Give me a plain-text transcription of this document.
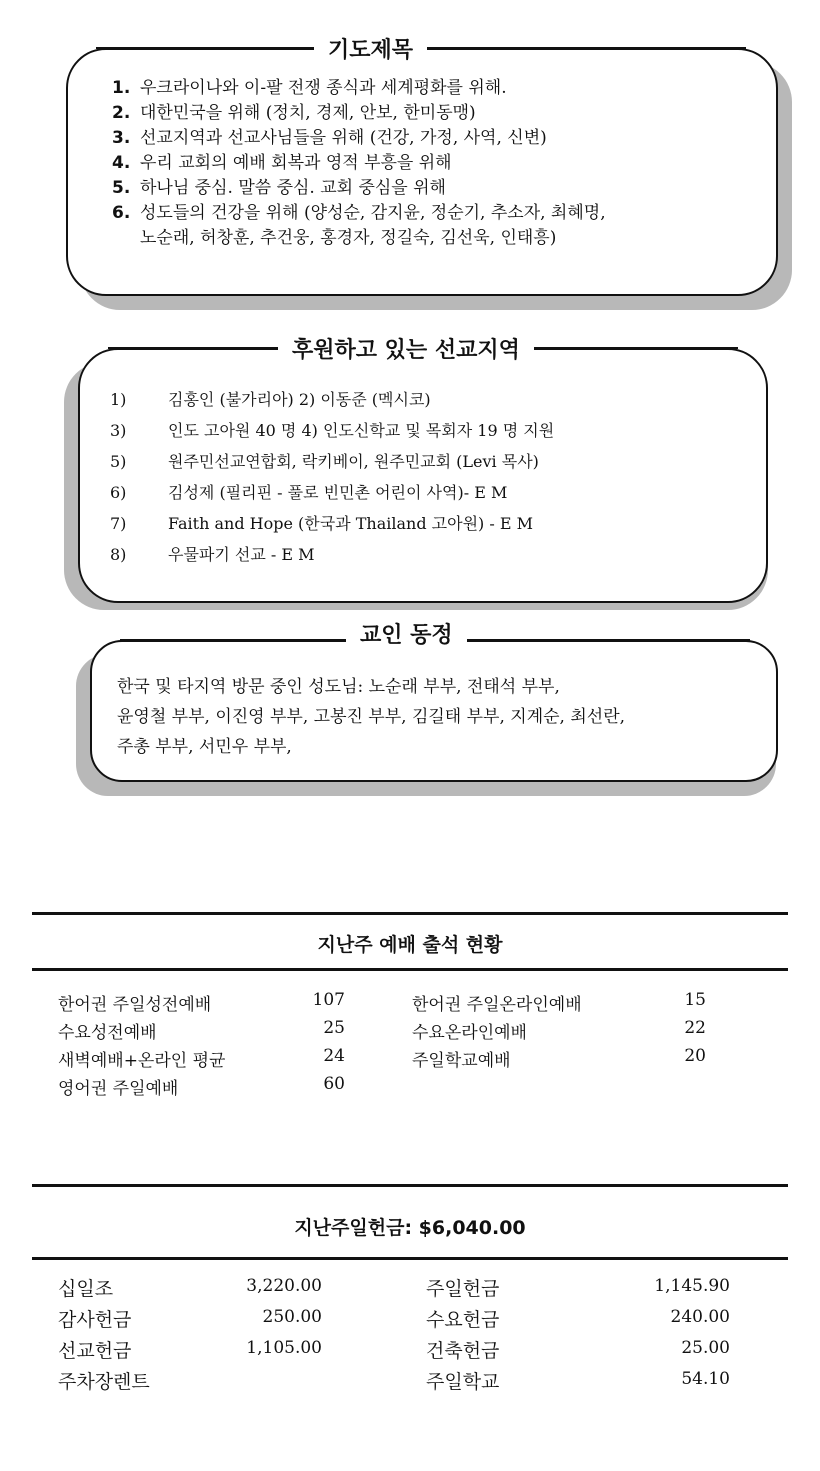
기도제목
1. 우크라이나와 이-팔 전쟁 종식과 세계평화를 위해.
2. 대한민국을 위해 (정치, 경제, 안보, 한미동맹)
3. 선교지역과 선교사님들을 위해 (건강, 가정, 사역, 신변)
4. 우리 교회의 예배 회복과 영적 부흥을 위해
5. 하나님 중심. 말씀 중심. 교회 중심을 위해
6. 성도들의 건강을 위해 (양성순, 감지윤, 정순기, 추소자, 최혜명,
노순래, 허창훈, 추건웅, 홍경자, 정길숙, 김선욱, 인태흥)
후원하고 있는 선교지역
1)	김홍인 (불가리아) 2) 이동준 (멕시코)
3)	인도 고아원 40 명 4) 인도신학교 및 목회자 19 명 지원
5)	원주민선교연합회, 락키베이, 원주민교회 (Levi 목사)
6)	김성제 (필리핀 - 풀로 빈민촌 어린이 사역)- E M
7)	Faith and Hope (한국과 Thailand 고아원) - E M
8)	우물파기 선교 - E M
교인 동정
한국 및 타지역 방문 중인 성도님: 노순래 부부, 전태석 부부,
윤영철 부부, 이진영 부부, 고봉진 부부, 김길태 부부, 지계순, 최선란,
주총 부부, 서민우 부부,
지난주 예배 출석 현황
한어권 주일성전예배	107
수요성전예배	25
새벽예배+온라인 평균	24
영어권 주일예배	60
한어권 주일온라인예배	15
수요온라인예배	22
주일학교예배	20
지난주일헌금: $6,040.00
십일조	3,220.00
감사헌금	250.00
선교헌금	1,105.00
주차장렌트
주일헌금	1,145.90
수요헌금	240.00
건축헌금	25.00
주일학교	54.10
